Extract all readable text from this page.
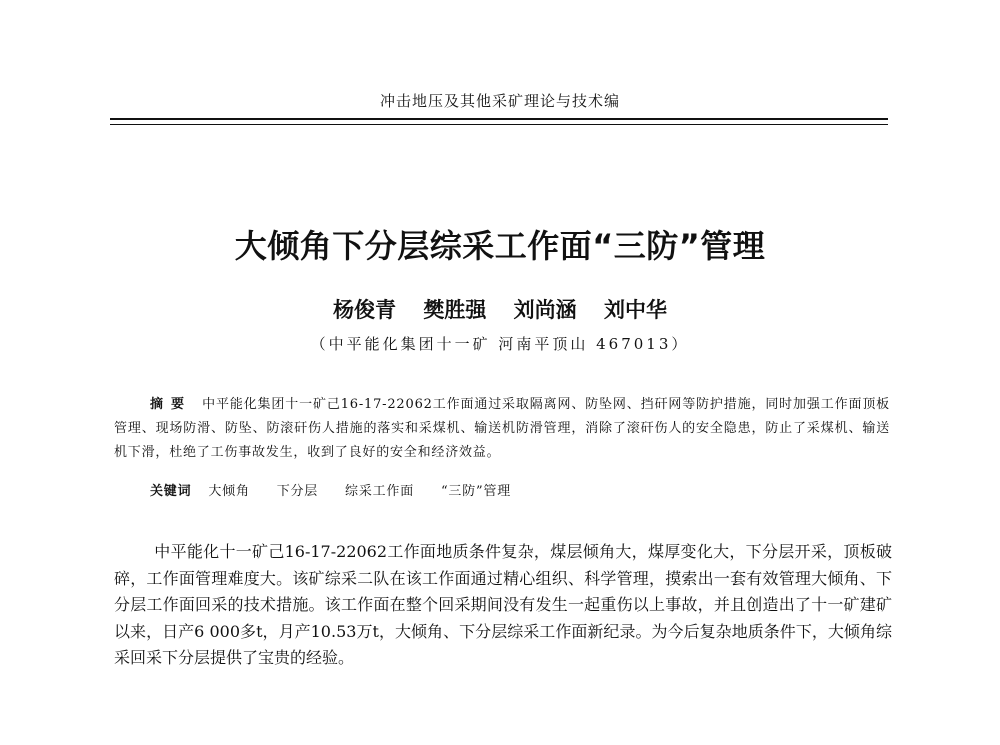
冲击地压及其他采矿理论与技术编
大倾角下分层综采工作面“三防”管理
杨俊青 樊胜强 刘尚涵 刘中华
（中平能化集团十一矿 河南平顶山 467013）

摘要 中平能化集团十一矿己16-17-22062工作面通过采取隔离网、防坠网、挡矸网等防护措施，同时加强工作面顶板管理、现场防滑、防坠、防滚矸伤人措施的落实和采煤机、输送机防滑管理，消除了滚矸伤人的安全隐患，防止了采煤机、输送机下滑，杜绝了工伤事故发生，收到了良好的安全和经济效益。

关键词 大倾角 下分层 综采工作面 “三防”管理

中平能化十一矿己16-17-22062工作面地质条件复杂，煤层倾角大，煤厚变化大，下分层开采，顶板破碎，工作面管理难度大。该矿综采二队在该工作面通过精心组织、科学管理，摸索出一套有效管理大倾角、下分层工作面回采的技术措施。该工作面在整个回采期间没有发生一起重伤以上事故，并且创造出了十一矿建矿以来，日产6 000多t，月产10.53万t，大倾角、下分层综采工作面新纪录。为今后复杂地质条件下，大倾角综采回采下分层提供了宝贵的经验。
